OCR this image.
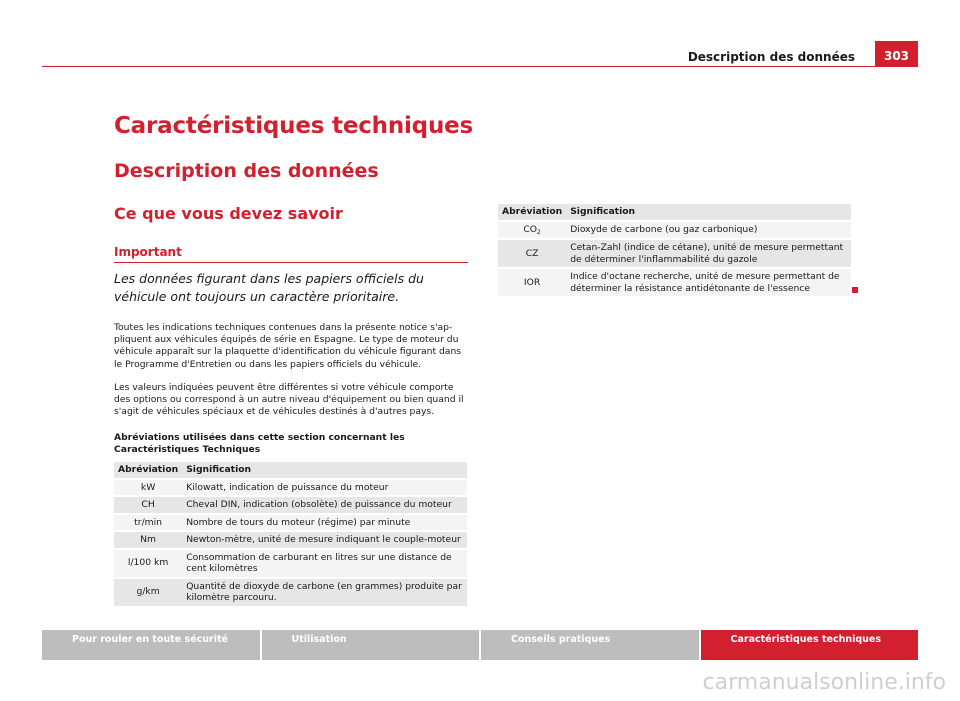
303
Description des données
Caractéristiques techniques
Description des données
Ce que vous devez savoir
Important
Les données figurant dans les papiers officiels du véhicule ont toujours un caractère prioritaire.
Toutes les indications techniques contenues dans la présente notice s'ap-pliquent aux véhicules équipés de série en Espagne. Le type de moteur du véhicule apparaît sur la plaquette d'identification du véhicule figurant dans le Programme d'Entretien ou dans les papiers officiels du véhicule.
Les valeurs indiquées peuvent être différentes si votre véhicule comporte des options ou correspond à un autre niveau d'équipement ou bien quand il s'agit de véhicules spéciaux et de véhicules destinés à d'autres pays.
Abréviations utilisées dans cette section concernant les Caractéristiques Techniques
Abréviation	Signification
kW	Kilowatt, indication de puissance du moteur
CH	Cheval DIN, indication (obsolète) de puissance du moteur
tr/min	Nombre de tours du moteur (régime) par minute
Nm	Newton-mètre, unité de mesure indiquant le couple-moteur
l/100 km	Consommation de carburant en litres sur une distance de cent kilomètres
g/km	Quantité de dioxyde de carbone (en grammes) produite par kilomètre parcouru.
Abréviation	Signification
$CO_2$	Dioxyde de carbone (ou gaz carbonique)
CZ	Cetan-Zahl (indice de cétane), unité de mesure permettant de déterminer l'inflammabilité du gazole
IOR	Indice d'octane recherche, unité de mesure permettant de déterminer la résistance antidétonante de l'essence
Pour rouler en toute sécurité	Utilisation	Conseils pratiques	Caractéristiques techniques
carmanualsonline.info
